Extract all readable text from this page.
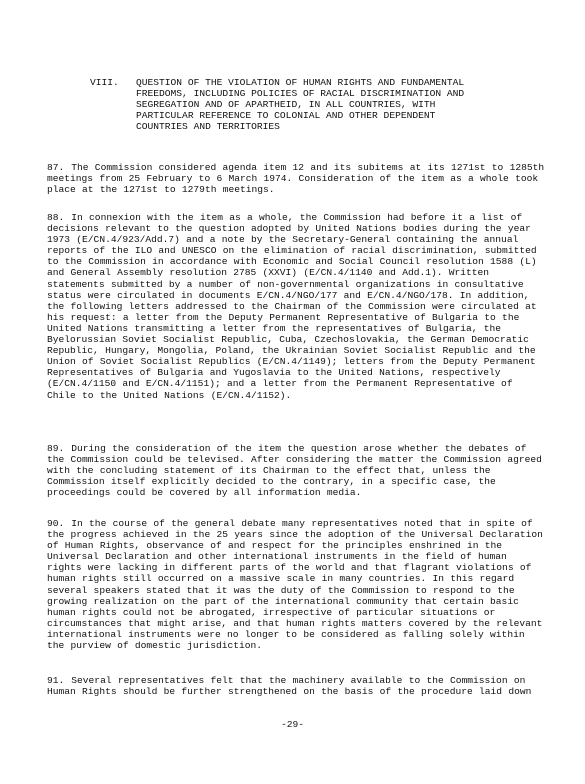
VIII.	QUESTION OF THE VIOLATION OF HUMAN RIGHTS AND FUNDAMENTAL FREEDOMS, INCLUDING POLICIES OF RACIAL DISCRIMINATION AND SEGREGATION AND OF APARTHEID, IN ALL COUNTRIES, WITH PARTICULAR REFERENCE TO COLONIAL AND OTHER DEPENDENT COUNTRIES AND TERRITORIES
87. The Commission considered agenda item 12 and its subitems at its 1271st to 1285th meetings from 25 February to 6 March 1974. Consideration of the item as a whole took place at the 1271st to 1279th meetings.
88. In connexion with the item as a whole, the Commission had before it a list of decisions relevant to the question adopted by United Nations bodies during the year 1973 (E/CN.4/923/Add.7) and a note by the Secretary-General containing the annual reports of the ILO and UNESCO on the elimination of racial discrimination, submitted to the Commission in accordance with Economic and Social Council resolution 1588 (L) and General Assembly resolution 2785 (XXVI) (E/CN.4/1140 and Add.1). Written statements submitted by a number of non-governmental organizations in consultative status were circulated in documents E/CN.4/NGO/177 and E/CN.4/NGO/178. In addition, the following letters addressed to the Chairman of the Commission were circulated at his request: a letter from the Deputy Permanent Representative of Bulgaria to the United Nations transmitting a letter from the representatives of Bulgaria, the Byelorussian Soviet Socialist Republic, Cuba, Czechoslovakia, the German Democratic Republic, Hungary, Mongolia, Poland, the Ukrainian Soviet Socialist Republic and the Union of Soviet Socialist Republics (E/CN.4/1149); letters from the Deputy Permanent Representatives of Bulgaria and Yugoslavia to the United Nations, respectively (E/CN.4/1150 and E/CN.4/1151); and a letter from the Permanent Representative of Chile to the United Nations (E/CN.4/1152).
89. During the consideration of the item the question arose whether the debates of the Commission could be televised. After considering the matter the Commission agreed with the concluding statement of its Chairman to the effect that, unless the Commission itself explicitly decided to the contrary, in a specific case, the proceedings could be covered by all information media.
90. In the course of the general debate many representatives noted that in spite of the progress achieved in the 25 years since the adoption of the Universal Declaration of Human Rights, observance of and respect for the principles enshrined in the Universal Declaration and other international instruments in the field of human rights were lacking in different parts of the world and that flagrant violations of human rights still occurred on a massive scale in many countries. In this regard several speakers stated that it was the duty of the Commission to respond to the growing realization on the part of the international community that certain basic human rights could not be abrogated, irrespective of particular situations or circumstances that might arise, and that human rights matters covered by the relevant international instruments were no longer to be considered as falling solely within the purview of domestic jurisdiction.
91. Several representatives felt that the machinery available to the Commission on Human Rights should be further strengthened on the basis of the procedure laid down
-29-
